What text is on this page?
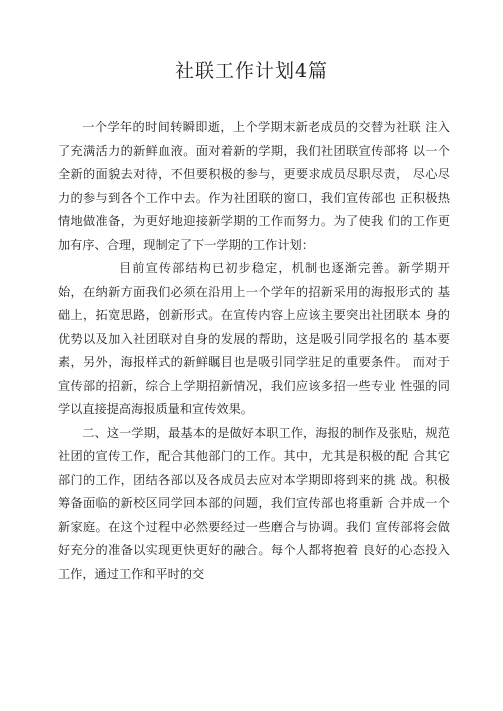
社联工作计划4篇

一个学年的时间转瞬即逝，上个学期末新老成员的交替为社联 注入了充满活力的新鲜血液。面对着新的学期，我们社团联宣传部将 以一个全新的面貌去对待，不但要积极的参与，更要求成员尽职尽责， 尽心尽力的参与到各个工作中去。作为社团联的窗口，我们宣传部也 正积极热情地做准备，为更好地迎接新学期的工作而努力。为了使我 们的工作更加有序、合理，现制定了下一学期的工作计划：

目前宣传部结构已初步稳定，机制也逐渐完善。新学期开 始，在纳新方面我们必须在沿用上一个学年的招新采用的海报形式的 基础上，拓宽思路，创新形式。在宣传内容上应该主要突出社团联本 身的优势以及加入社团联对自身的发展的帮助，这是吸引同学报名的 基本要素，另外，海报样式的新鲜瞩目也是吸引同学驻足的重要条件。 而对于宣传部的招新，综合上学期招新情况，我们应该多招一些专业 性强的同学以直接提高海报质量和宣传效果。

二、这一学期，最基本的是做好本职工作，海报的制作及张贴，规范社团的宣传工作，配合其他部门的工作。其中，尤其是积极的配 合其它部门的工作，团结各部以及各成员去应对本学期即将到来的挑 战。积极筹备面临的新校区同学回本部的问题，我们宣传部也将重新 合并成一个新家庭。在这个过程中必然要经过一些磨合与协调。我们 宣传部将会做好充分的准备以实现更快更好的融合。每个人都将抱着 良好的心态投入工作，通过工作和平时的交
